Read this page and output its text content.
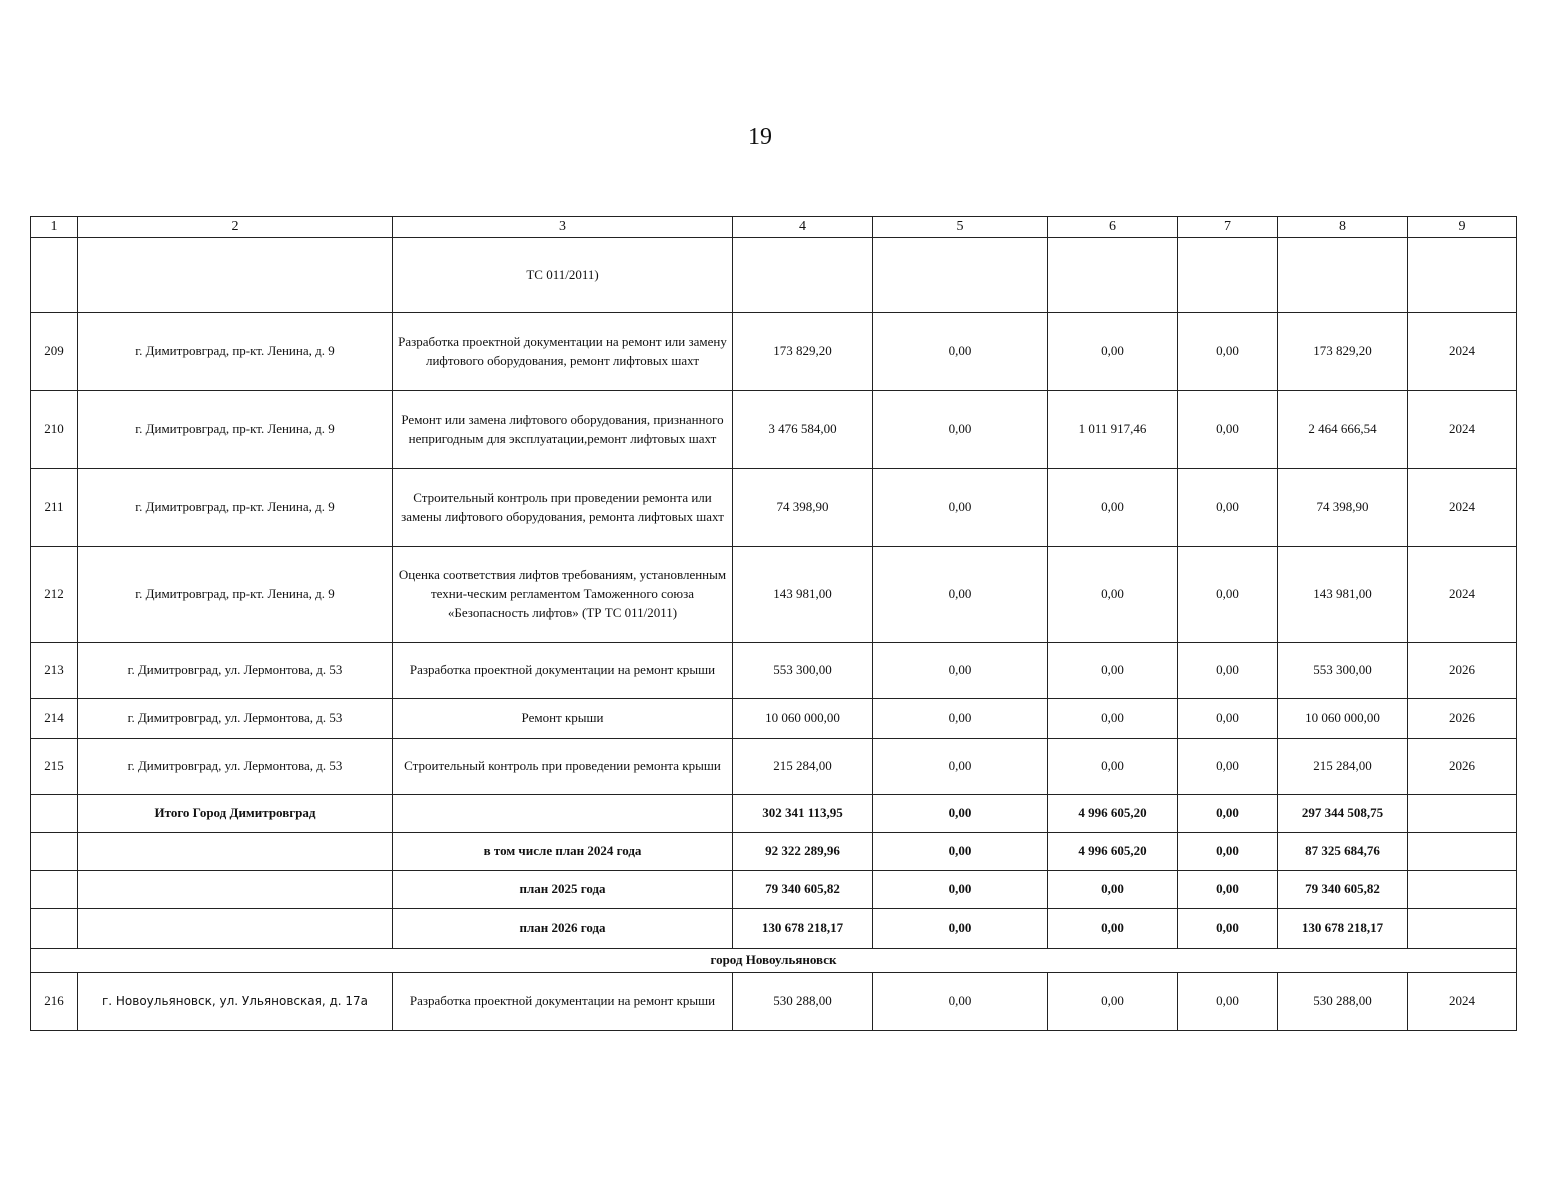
19
1	2	3	4	5	6	7	8	9
		ТС 011/2011)						
209	г. Димитровград, пр-кт. Ленина, д. 9	Разработка проектной документации на ремонт или замену лифтового оборудования, ремонт лифтовых шахт	173 829,20	0,00	0,00	0,00	173 829,20	2024
210	г. Димитровград, пр-кт. Ленина, д. 9	Ремонт или замена лифтового оборудования, признанного непригодным для эксплуатации,ремонт лифтовых шахт	3 476 584,00	0,00	1 011 917,46	0,00	2 464 666,54	2024
211	г. Димитровград, пр-кт. Ленина, д. 9	Строительный контроль при проведении ремонта или замены лифтового оборудования, ремонта лифтовых шахт	74 398,90	0,00	0,00	0,00	74 398,90	2024
212	г. Димитровград, пр-кт. Ленина, д. 9	Оценка соответствия лифтов требованиям, установленным техни-ческим регламентом Таможенного союза «Безопасность лифтов» (ТР ТС 011/2011)	143 981,00	0,00	0,00	0,00	143 981,00	2024
213	г. Димитровград, ул. Лермонтова, д. 53	Разработка проектной документации на ремонт крыши	553 300,00	0,00	0,00	0,00	553 300,00	2026
214	г. Димитровград, ул. Лермонтова, д. 53	Ремонт крыши	10 060 000,00	0,00	0,00	0,00	10 060 000,00	2026
215	г. Димитровград, ул. Лермонтова, д. 53	Строительный контроль при проведении ремонта крыши	215 284,00	0,00	0,00	0,00	215 284,00	2026
	Итого Город Димитровград		302 341 113,95	0,00	4 996 605,20	0,00	297 344 508,75	
		в том числе план 2024 года	92 322 289,96	0,00	4 996 605,20	0,00	87 325 684,76	
		план 2025 года	79 340 605,82	0,00	0,00	0,00	79 340 605,82	
		план 2026 года	130 678 218,17	0,00	0,00	0,00	130 678 218,17	
город Новоульяновск								
216	г. Новоульяновск, ул. Ульяновская, д. 17а	Разработка проектной документации на ремонт крыши	530 288,00	0,00	0,00	0,00	530 288,00	2024
